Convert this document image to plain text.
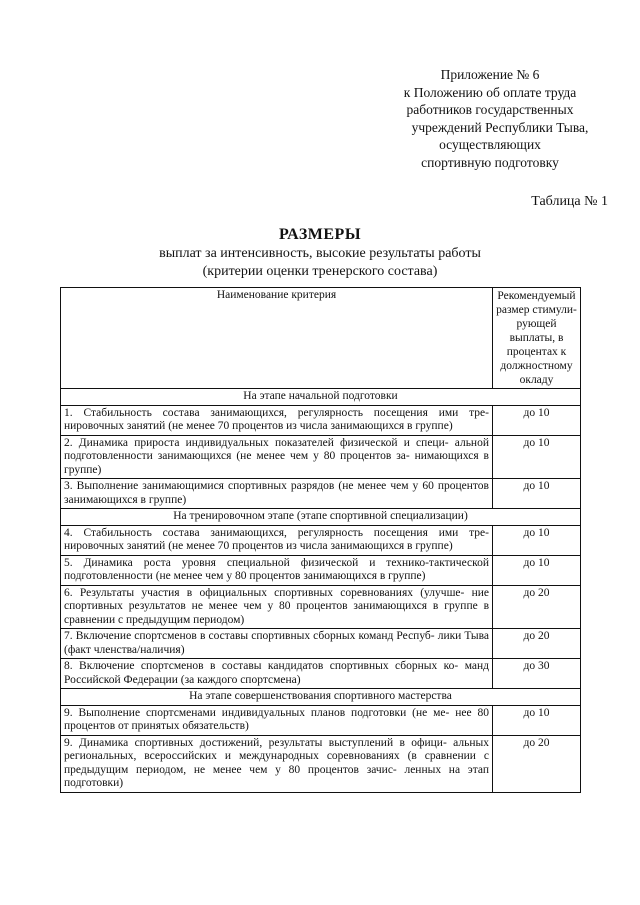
Приложение № 6
к Положению об оплате труда
работников государственных
учреждений Республики Тыва,
осуществляющих
спортивную подготовку
Таблица № 1
РАЗМЕРЫ
выплат за интенсивность, высокие результаты работы
(критерии оценки тренерского состава)
Наименование критерия	Рекомендуемый размер стимули- рующей выплаты, в процентах к должностному окладу
На этапе начальной подготовки	
1. Стабильность состава занимающихся, регулярность посещения ими тре- нировочных занятий (не менее 70 процентов из числа занимающихся в группе)	до 10
2. Динамика прироста индивидуальных показателей физической и специ- альной подготовленности занимающихся (не менее чем у 80 процентов за- нимающихся в группе)	до 10
3. Выполнение занимающимися спортивных разрядов (не менее чем у 60 процентов занимающихся в группе)	до 10
На тренировочном этапе (этапе спортивной специализации)	
4. Стабильность состава занимающихся, регулярность посещения ими тре- нировочных занятий (не менее 70 процентов из числа занимающихся в группе)	до 10
5. Динамика роста уровня специальной физической и технико-тактической подготовленности (не менее чем у 80 процентов занимающихся в группе)	до 10
6. Результаты участия в официальных спортивных соревнованиях (улучше- ние спортивных результатов не менее чем у 80 процентов занимающихся в группе в сравнении с предыдущим периодом)	до 20
7. Включение спортсменов в составы спортивных сборных команд Респуб- лики Тыва (факт членства/наличия)	до 20
8. Включение спортсменов в составы кандидатов спортивных сборных ко- манд Российской Федерации (за каждого спортсмена)	до 30
На этапе совершенствования спортивного мастерства	
9. Выполнение спортсменами индивидуальных планов подготовки (не ме- нее 80 процентов от принятых обязательств)	до 10
9. Динамика спортивных достижений, результаты выступлений в офици- альных региональных, всероссийских и международных соревнованиях (в сравнении с предыдущим периодом, не менее чем у 80 процентов зачис- ленных на этап подготовки)	до 20
